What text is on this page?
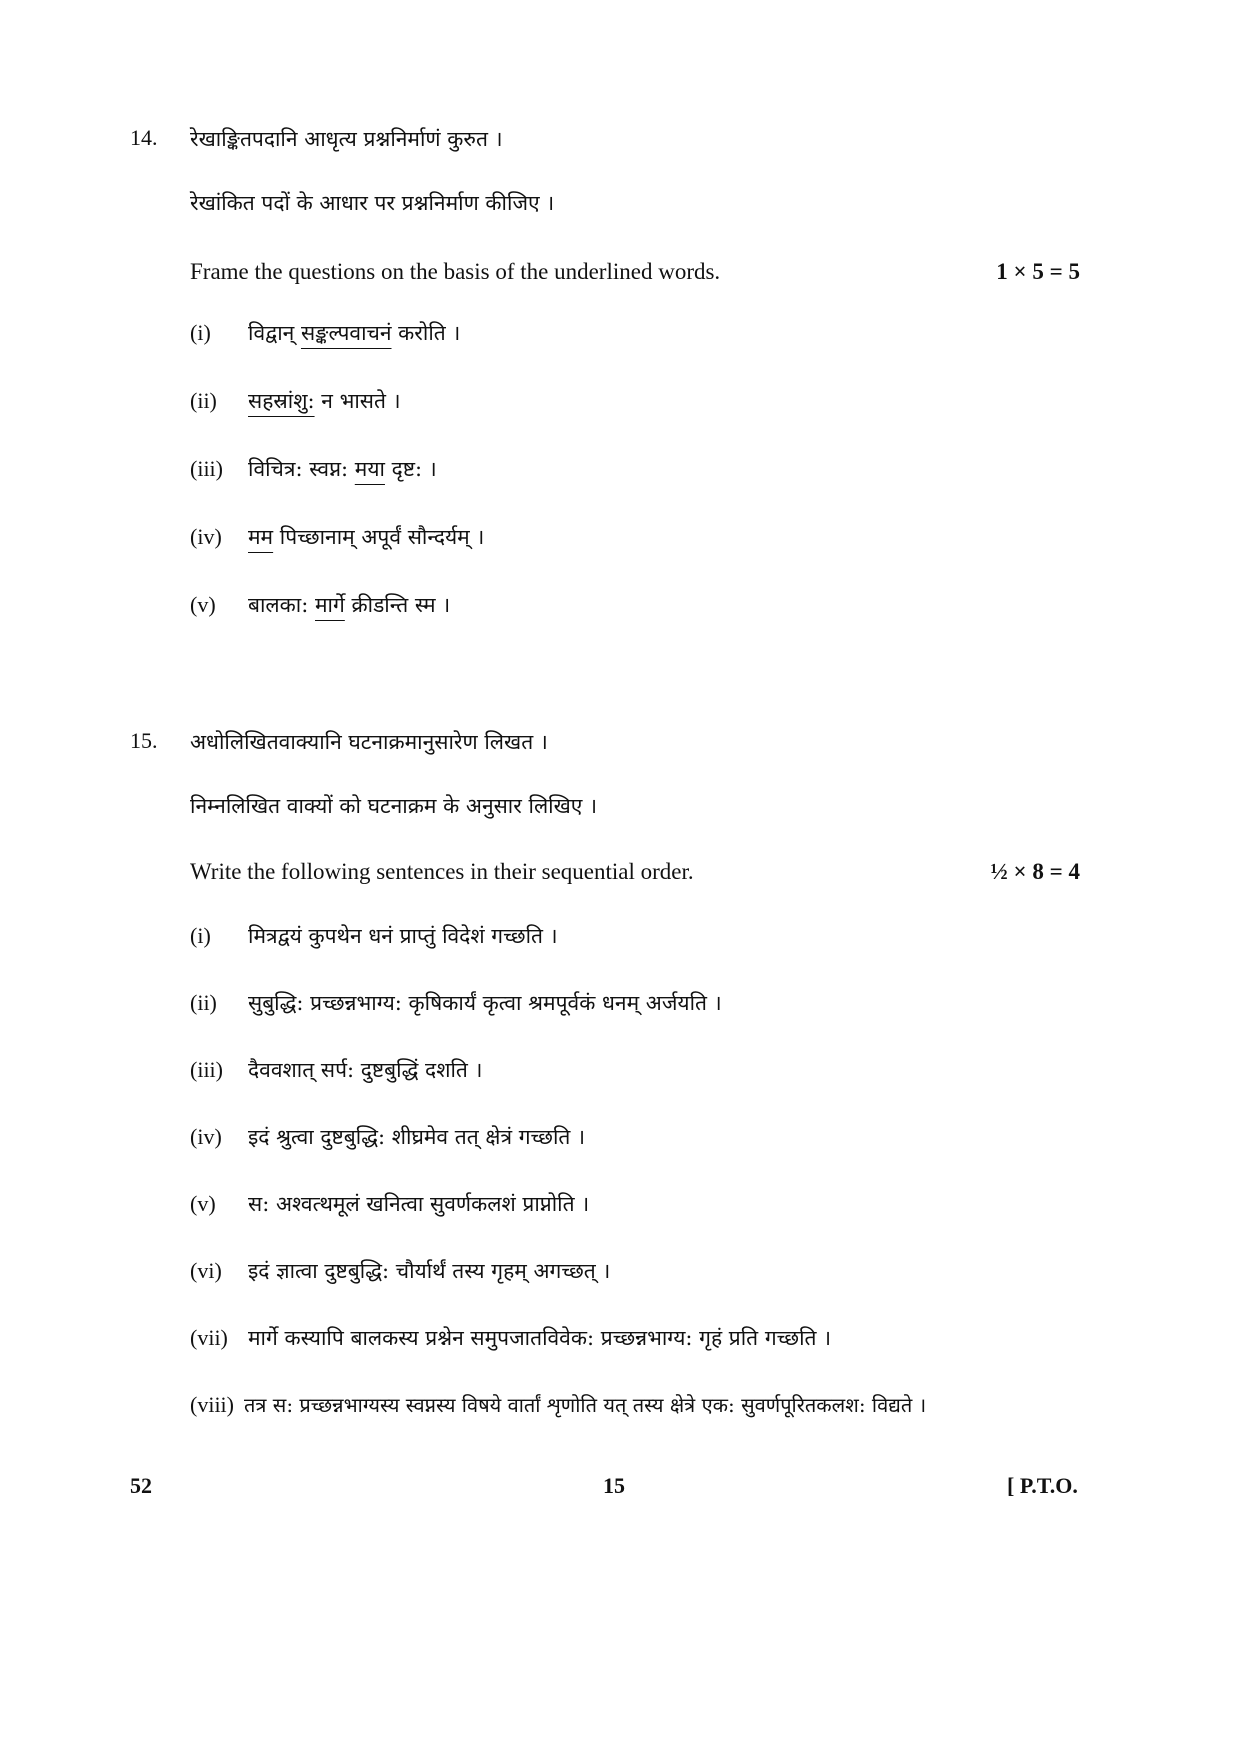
14. रेखाङ्कितपदानि आधृत्य प्रश्ननिर्माणं कुरुत ।
रेखांकित पदों के आधार पर प्रश्ननिर्माण कीजिए ।
Frame the questions on the basis of the underlined words.	1 × 5 = 5
(i) विद्वान् सङ्कल्पवाचनं करोति ।
(ii) सहस्रांशु: न भासते ।
(iii) विचित्र: स्वप्न: मया दृष्ट: ।
(iv) मम पिच्छानाम् अपूर्वं सौन्दर्यम् ।
(v) बालका: मार्गे क्रीडन्ति स्म ।
15. अधोलिखितवाक्यानि घटनाक्रमानुसारेण लिखत ।
निम्नलिखित वाक्यों को घटनाक्रम के अनुसार लिखिए ।
Write the following sentences in their sequential order.	½ × 8 = 4
(i) मित्रद्वयं कुपथेन धनं प्राप्तुं विदेशं गच्छति ।
(ii) सुबुद्धि: प्रच्छन्नभाग्य: कृषिकार्यं कृत्वा श्रमपूर्वकं धनम् अर्जयति ।
(iii) दैववशात् सर्प: दुष्टबुद्धिं दशति ।
(iv) इदं श्रुत्वा दुष्टबुद्धि: शीघ्रमेव तत् क्षेत्रं गच्छति ।
(v) स: अश्वत्थमूलं खनित्वा सुवर्णकलशं प्राप्नोति ।
(vi) इदं ज्ञात्वा दुष्टबुद्धि: चौर्यार्थं तस्य गृहम् अगच्छत् ।
(vii) मार्गे कस्यापि बालकस्य प्रश्नेन समुपजातविवेक: प्रच्छन्नभाग्य: गृहं प्रति गच्छति ।
(viii) तत्र स: प्रच्छन्नभाग्यस्य स्वप्नस्य विषये वार्तां शृणोति यत् तस्य क्षेत्रे एक: सुवर्णपूरितकलश: विद्यते ।
52	15	[ P.T.O.
